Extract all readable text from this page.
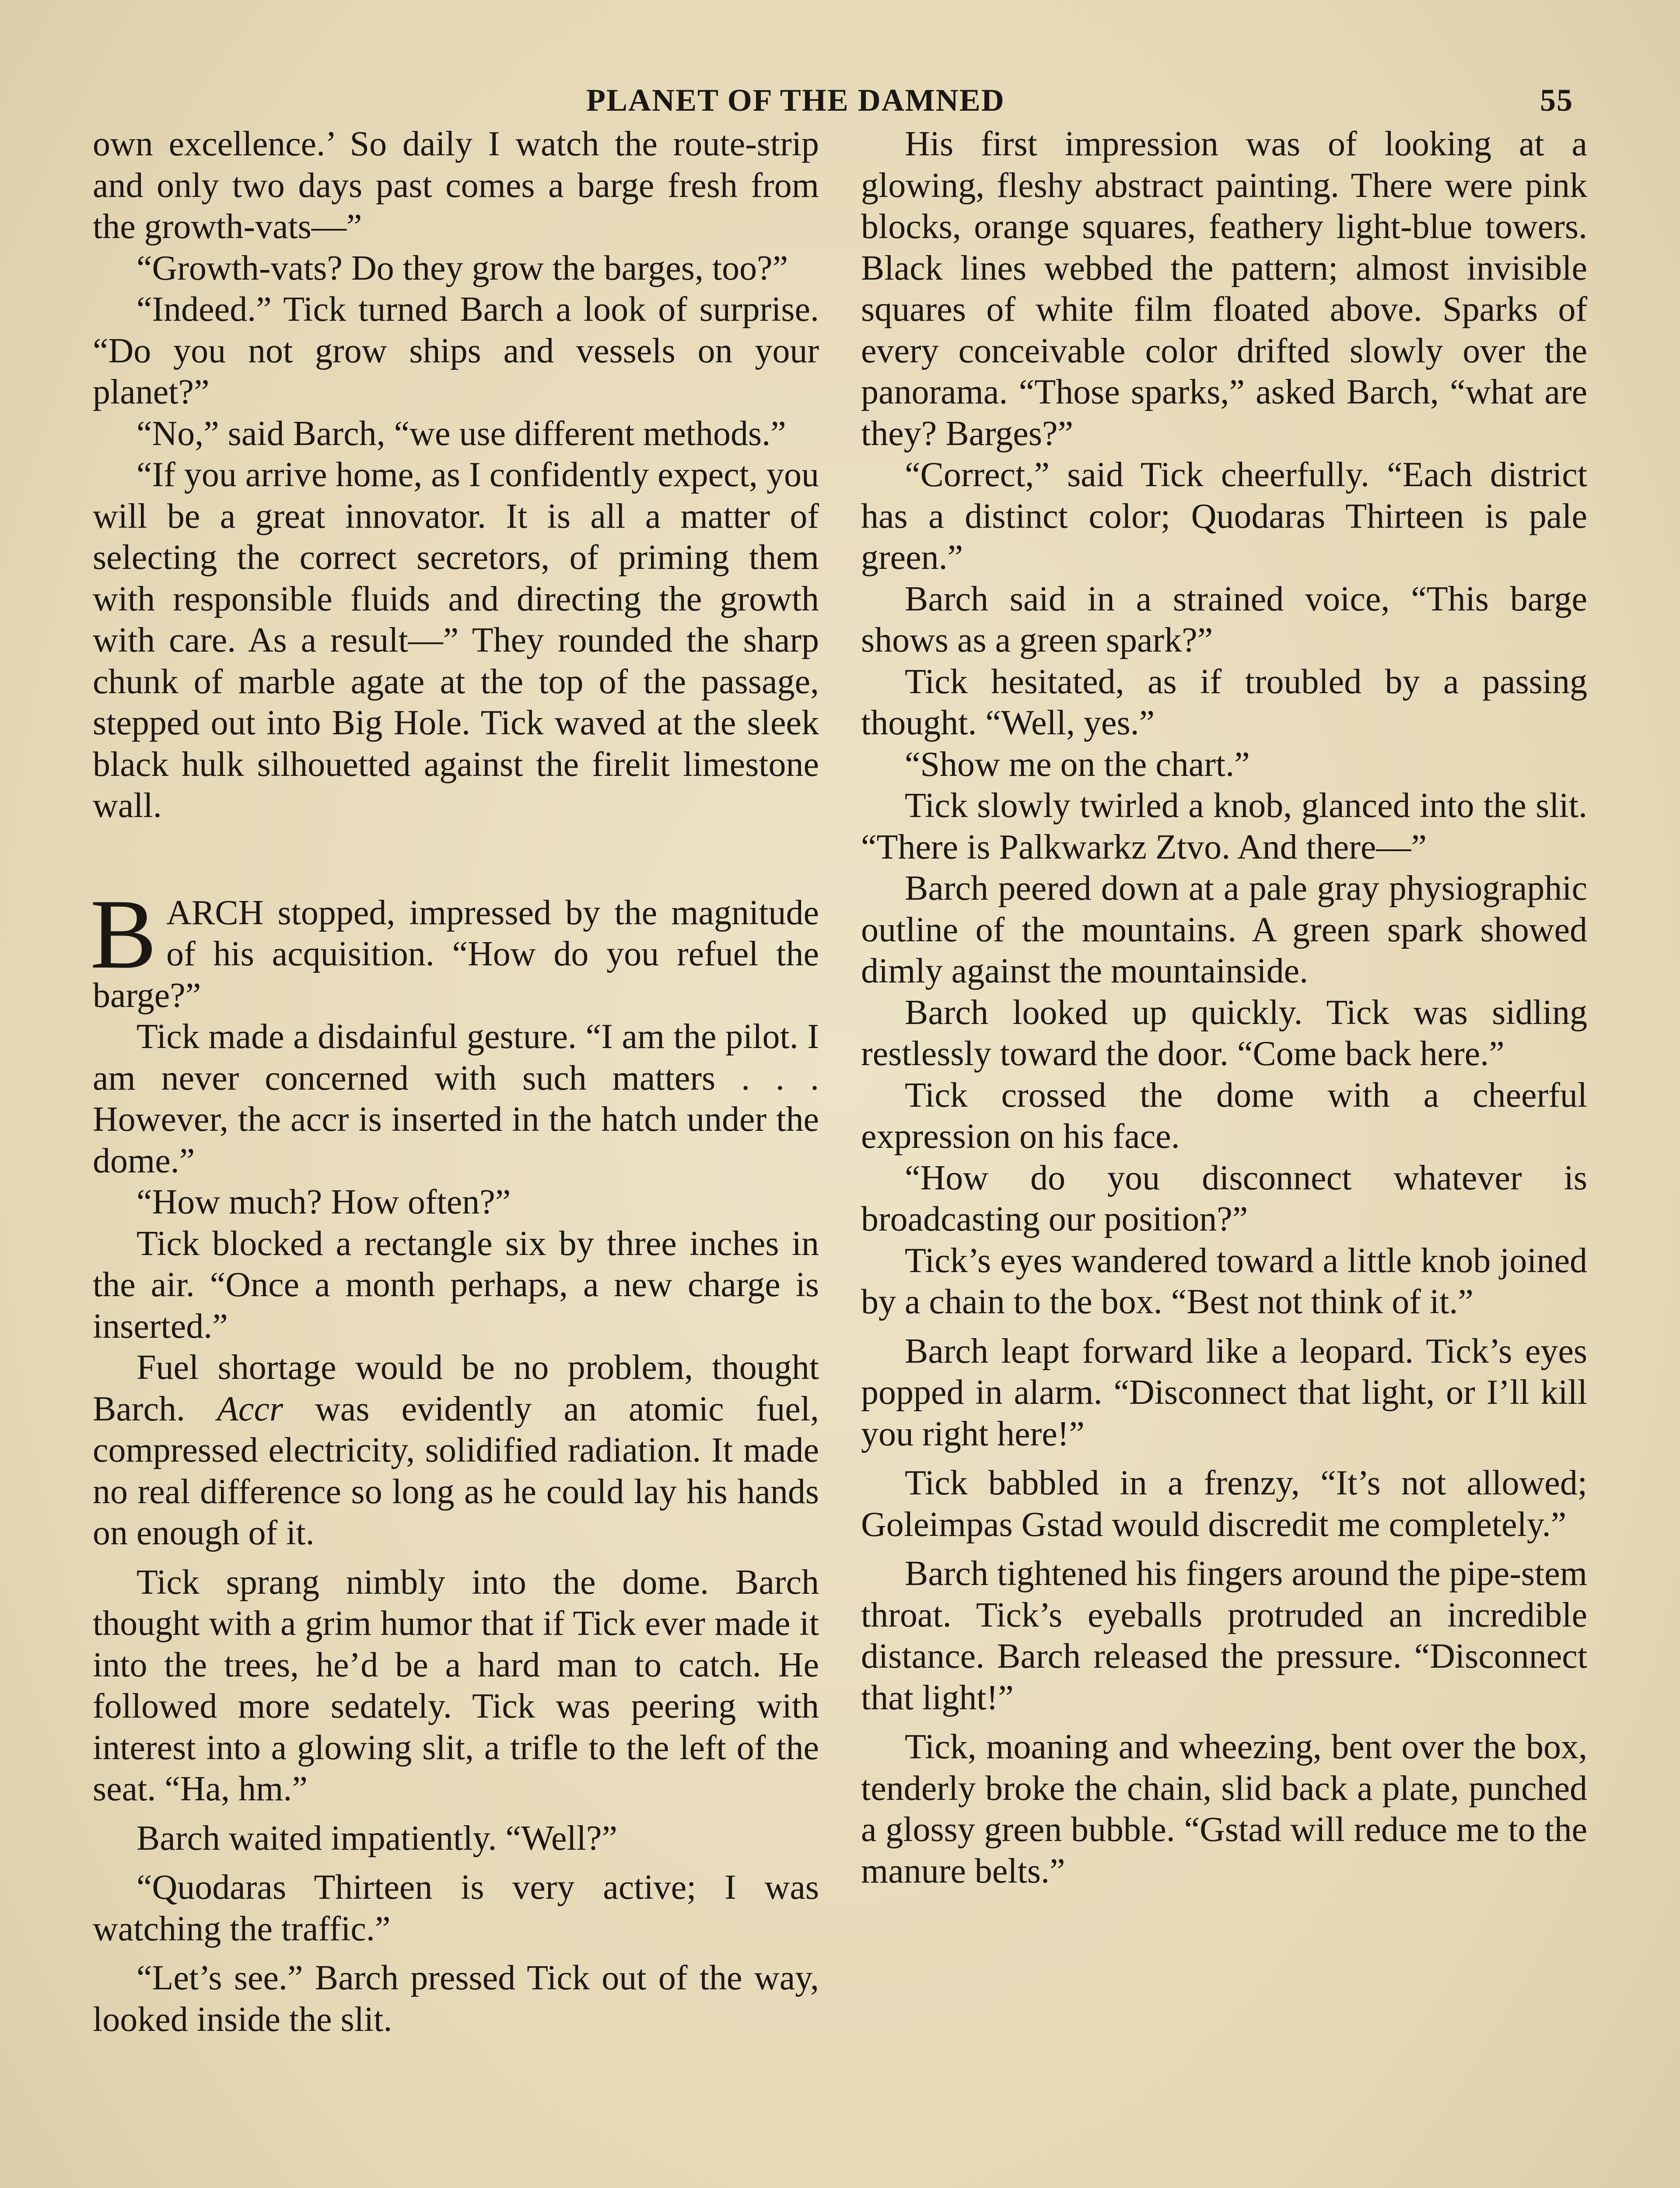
PLANET OF THE DAMNED	55

own excellence.’ So daily I watch the route-strip and only two days past comes a barge fresh from the growth-vats—”

“Growth-vats? Do they grow the barges, too?”

“Indeed.” Tick turned Barch a look of surprise. “Do you not grow ships and vessels on your planet?”

“No,” said Barch, “we use different methods.”

“If you arrive home, as I confidently expect, you will be a great innovator. It is all a matter of selecting the correct secretors, of priming them with responsible fluids and directing the growth with care. As a result—” They rounded the sharp chunk of marble agate at the top of the passage, stepped out into Big Hole. Tick waved at the sleek black hulk silhouetted against the firelit limestone wall.

BARCH stopped, impressed by the magnitude of his acquisition. “How do you refuel the barge?”

Tick made a disdainful gesture. “I am the pilot. I am never concerned with such matters . . . However, the accr is inserted in the hatch under the dome.”

“How much? How often?”

Tick blocked a rectangle six by three inches in the air. “Once a month perhaps, a new charge is inserted.”

Fuel shortage would be no problem, thought Barch. Accr was evidently an atomic fuel, compressed electricity, solidified radiation. It made no real difference so long as he could lay his hands on enough of it.

Tick sprang nimbly into the dome. Barch thought with a grim humor that if Tick ever made it into the trees, he’d be a hard man to catch. He followed more sedately. Tick was peering with interest into a glowing slit, a trifle to the left of the seat. “Ha, hm.”

Barch waited impatiently. “Well?”

“Quodaras Thirteen is very active; I was watching the traffic.”

“Let’s see.” Barch pressed Tick out of the way, looked inside the slit.

His first impression was of looking at a glowing, fleshy abstract painting. There were pink blocks, orange squares, feathery light-blue towers. Black lines webbed the pattern; almost invisible squares of white film floated above. Sparks of every conceivable color drifted slowly over the panorama. “Those sparks,” asked Barch, “what are they? Barges?”

“Correct,” said Tick cheerfully. “Each district has a distinct color; Quodaras Thirteen is pale green.”

Barch said in a strained voice, “This barge shows as a green spark?”

Tick hesitated, as if troubled by a passing thought. “Well, yes.”

“Show me on the chart.”

Tick slowly twirled a knob, glanced into the slit. “There is Palkwarkz Ztvo. And there—”

Barch peered down at a pale gray physiographic outline of the mountains. A green spark showed dimly against the mountainside.

Barch looked up quickly. Tick was sidling restlessly toward the door. “Come back here.”

Tick crossed the dome with a cheerful expression on his face.

“How do you disconnect whatever is broadcasting our position?”

Tick’s eyes wandered toward a little knob joined by a chain to the box. “Best not think of it.”

Barch leapt forward like a leopard. Tick’s eyes popped in alarm. “Disconnect that light, or I’ll kill you right here!”

Tick babbled in a frenzy, “It’s not allowed; Goleimpas Gstad would discredit me completely.”

Barch tightened his fingers around the pipe-stem throat. Tick’s eyeballs protruded an incredible distance. Barch released the pressure. “Disconnect that light!”

Tick, moaning and wheezing, bent over the box, tenderly broke the chain, slid back a plate, punched a glossy green bubble. “Gstad will reduce me to the manure belts.”
